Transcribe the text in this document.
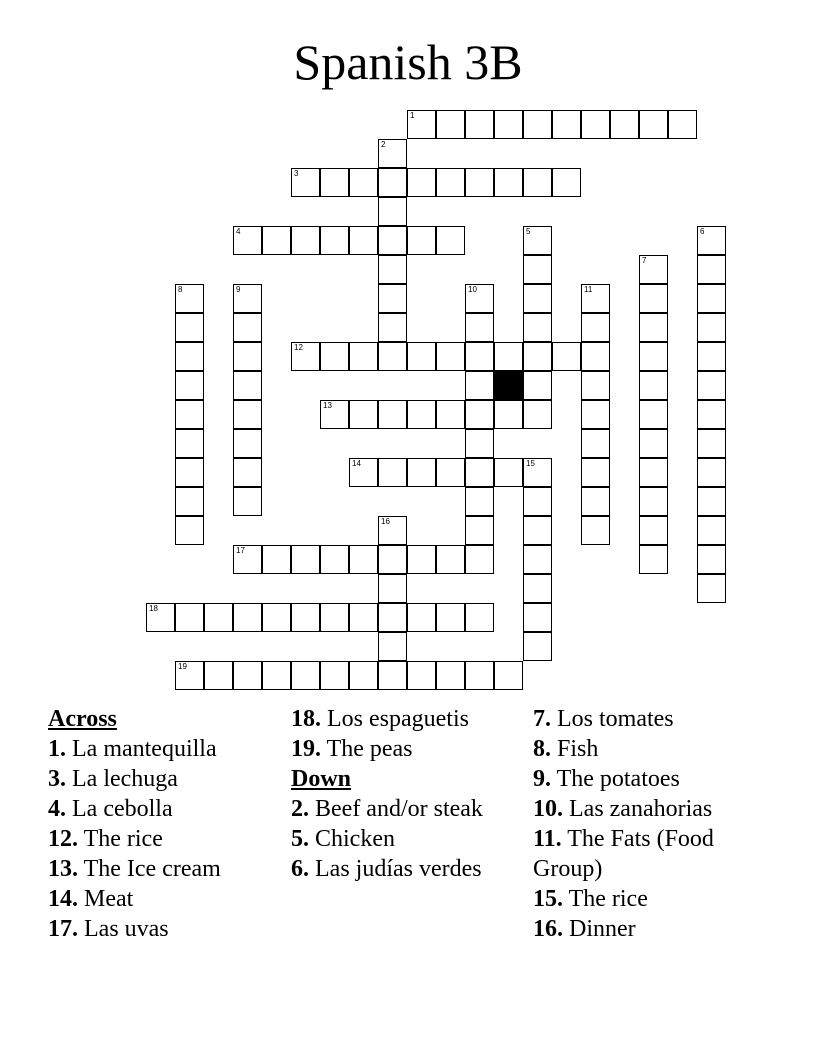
Spanish 3B
1
2
3
4	5	6
7
8	9	10	11
12
13
14	15
16
17
18
19
Across
1. La mantequilla
3. La lechuga
4. La cebolla
12. The rice
13. The Ice cream
14. Meat
17. Las uvas
18. Los espaguetis
19. The peas
Down
2. Beef and/or steak
5. Chicken
6. Las judías verdes
7. Los tomates
8. Fish
9. The potatoes
10. Las zanahorias
11. The Fats (Food Group)
15. The rice
16. Dinner
